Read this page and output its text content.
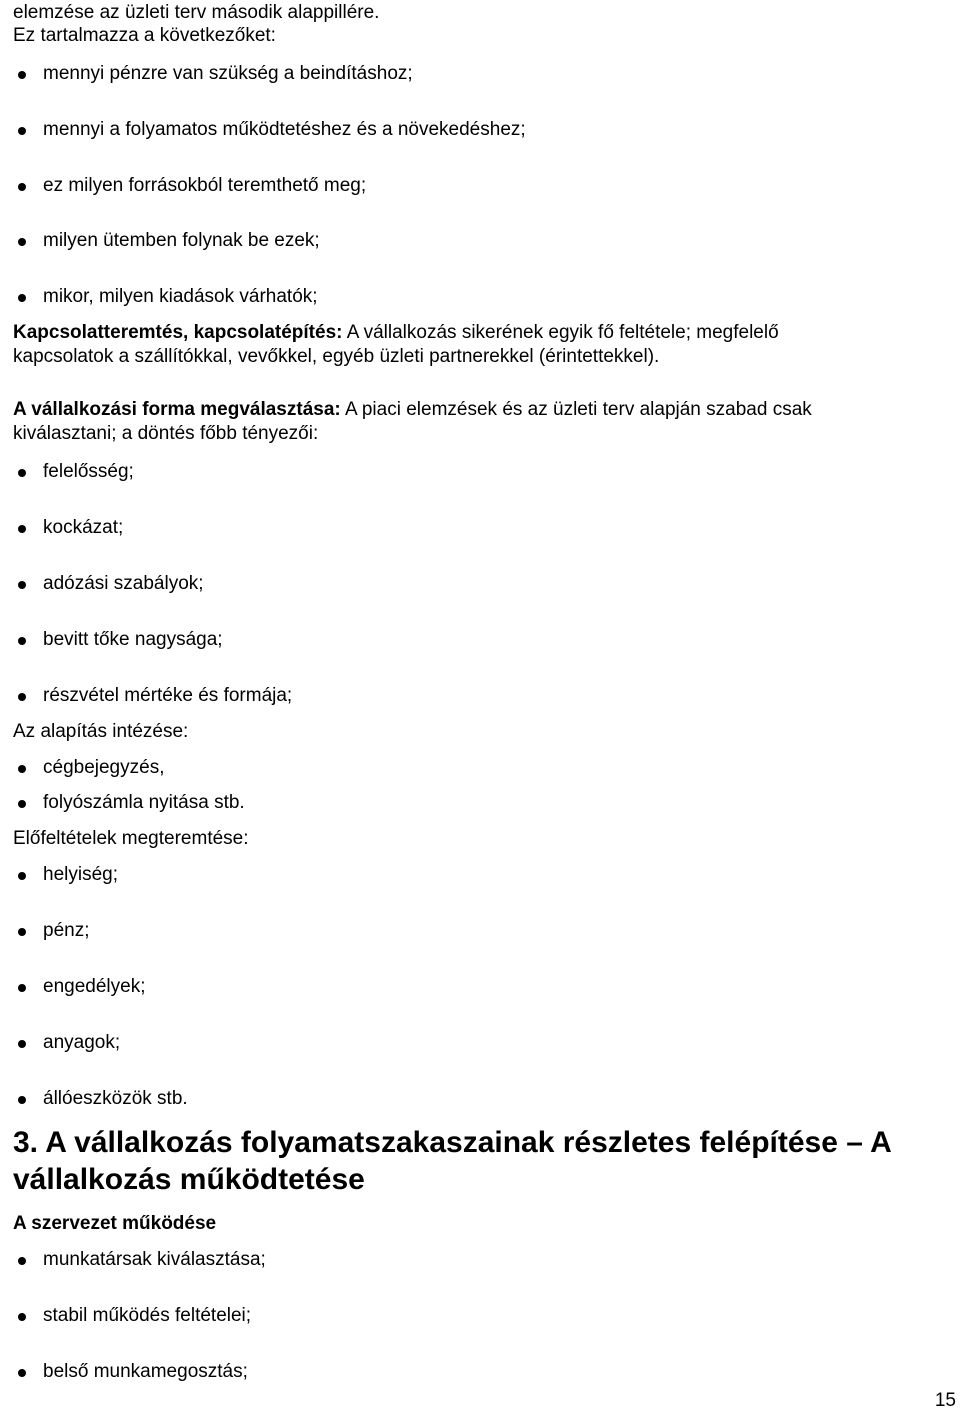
elemzése az üzleti terv második alappillére.
Ez tartalmazza a következőket:
mennyi pénzre van szükség a beindításhoz;
mennyi a folyamatos működtetéshez és a növekedéshez;
ez milyen forrásokból teremthető meg;
milyen ütemben folynak be ezek;
mikor, milyen kiadások várhatók;
Kapcsolatteremtés, kapcsolatépítés: A vállalkozás sikerének egyik fő feltétele; megfelelő
kapcsolatok a szállítókkal, vevőkkel, egyéb üzleti partnerekkel (érintettekkel).
A vállalkozási forma megválasztása: A piaci elemzések és az üzleti terv alapján szabad csak
kiválasztani; a döntés főbb tényezői:
felelősség;
kockázat;
adózási szabályok;
bevitt tőke nagysága;
részvétel mértéke és formája;
Az alapítás intézése:
cégbejegyzés,
folyószámla nyitása stb.
Előfeltételek megteremtése:
helyiség;
pénz;
engedélyek;
anyagok;
állóeszközök stb.
3. A vállalkozás folyamatszakaszainak részletes felépítése – A
vállalkozás működtetése
A szervezet működése
munkatársak kiválasztása;
stabil működés feltételei;
belső munkamegosztás;
15
